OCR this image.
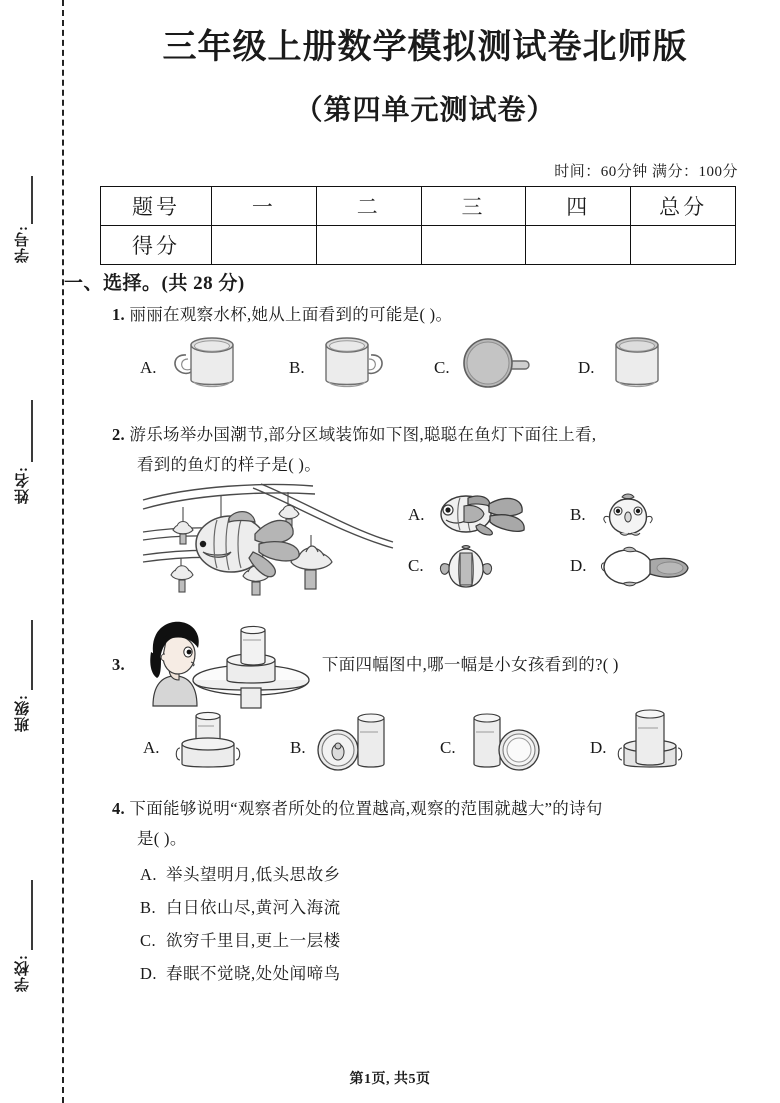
学号:
姓名:
班级:
学校:
三年级上册数学模拟测试卷北师版
（第四单元测试卷）
时间：60分钟 满分：100分
题号	一	二	三	四	总分
得分					
一、选择。(共 28 分)
1. 丽丽在观察水杯,她从上面看到的可能是( )。
A.	B.	C.	D.
2. 游乐场举办国潮节,部分区域装饰如下图,聪聪在鱼灯下面往上看,
看到的鱼灯的样子是( )。
A.	B.
C.	D.
3.	下面四幅图中,哪一幅是小女孩看到的?( )
A.	B.	C.	D.
4. 下面能够说明“观察者所处的位置越高,观察的范围就越大”的诗句
是( )。
A. 举头望明月,低头思故乡
B. 白日依山尽,黄河入海流
C. 欲穷千里目,更上一层楼
D. 春眠不觉晓,处处闻啼鸟
第1页, 共5页
